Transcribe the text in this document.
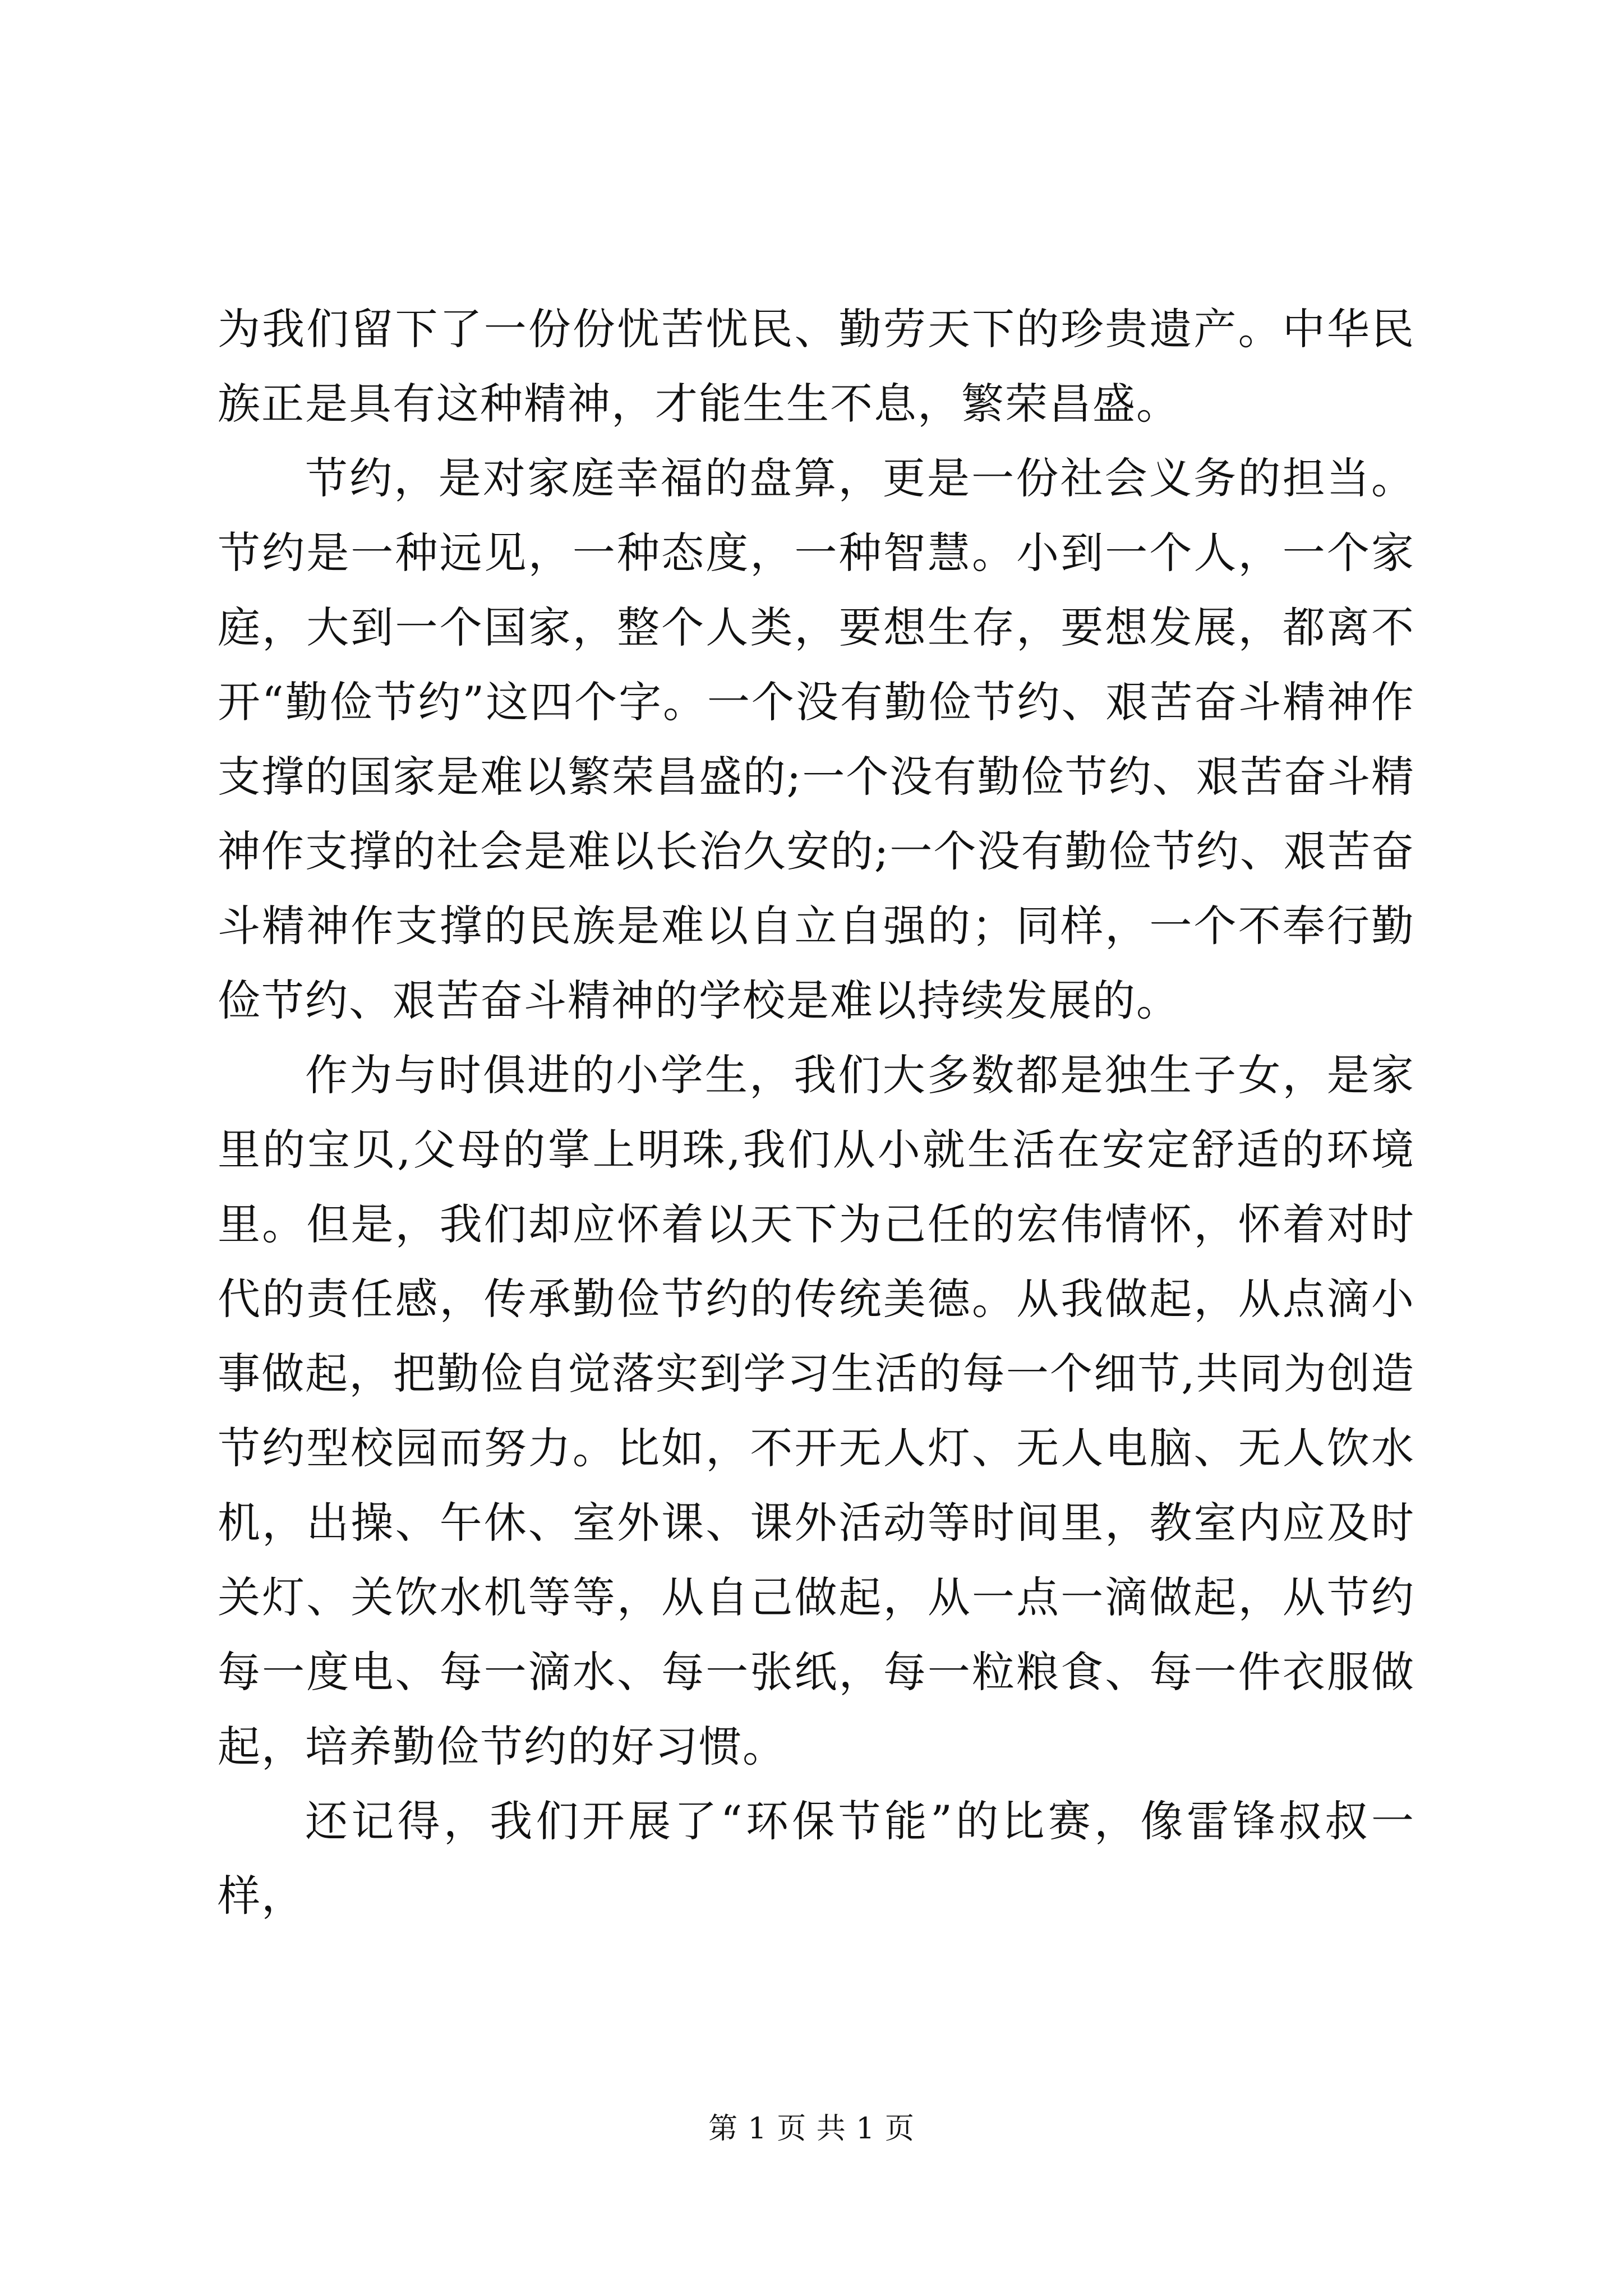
为我们留下了一份份忧苦忧民、勤劳天下的珍贵遗产。中华民族正是具有这种精神，才能生生不息，繁荣昌盛。

节约，是对家庭幸福的盘算，更是一份社会义务的担当。节约是一种远见，一种态度，一种智慧。小到一个人，一个家庭，大到一个国家，整个人类，要想生存，要想发展，都离不开“勤俭节约”这四个字。一个没有勤俭节约、艰苦奋斗精神作支撑的国家是难以繁荣昌盛的;一个没有勤俭节约、艰苦奋斗精神作支撑的社会是难以长治久安的;一个没有勤俭节约、艰苦奋斗精神作支撑的民族是难以自立自强的；同样，一个不奉行勤俭节约、艰苦奋斗精神的学校是难以持续发展的。

作为与时俱进的小学生，我们大多数都是独生子女，是家里的宝贝,父母的掌上明珠,我们从小就生活在安定舒适的环境里。但是，我们却应怀着以天下为己任的宏伟情怀，怀着对时代的责任感，传承勤俭节约的传统美德。从我做起，从点滴小事做起，把勤俭自觉落实到学习生活的每一个细节,共同为创造节约型校园而努力。比如，不开无人灯、无人电脑、无人饮水机，出操、午休、室外课、课外活动等时间里，教室内应及时关灯、关饮水机等等，从自己做起，从一点一滴做起，从节约每一度电、每一滴水、每一张纸，每一粒粮食、每一件衣服做起，培养勤俭节约的好习惯。

还记得，我们开展了“环保节能”的比赛，像雷锋叔叔一样，

第 1 页 共 1 页
